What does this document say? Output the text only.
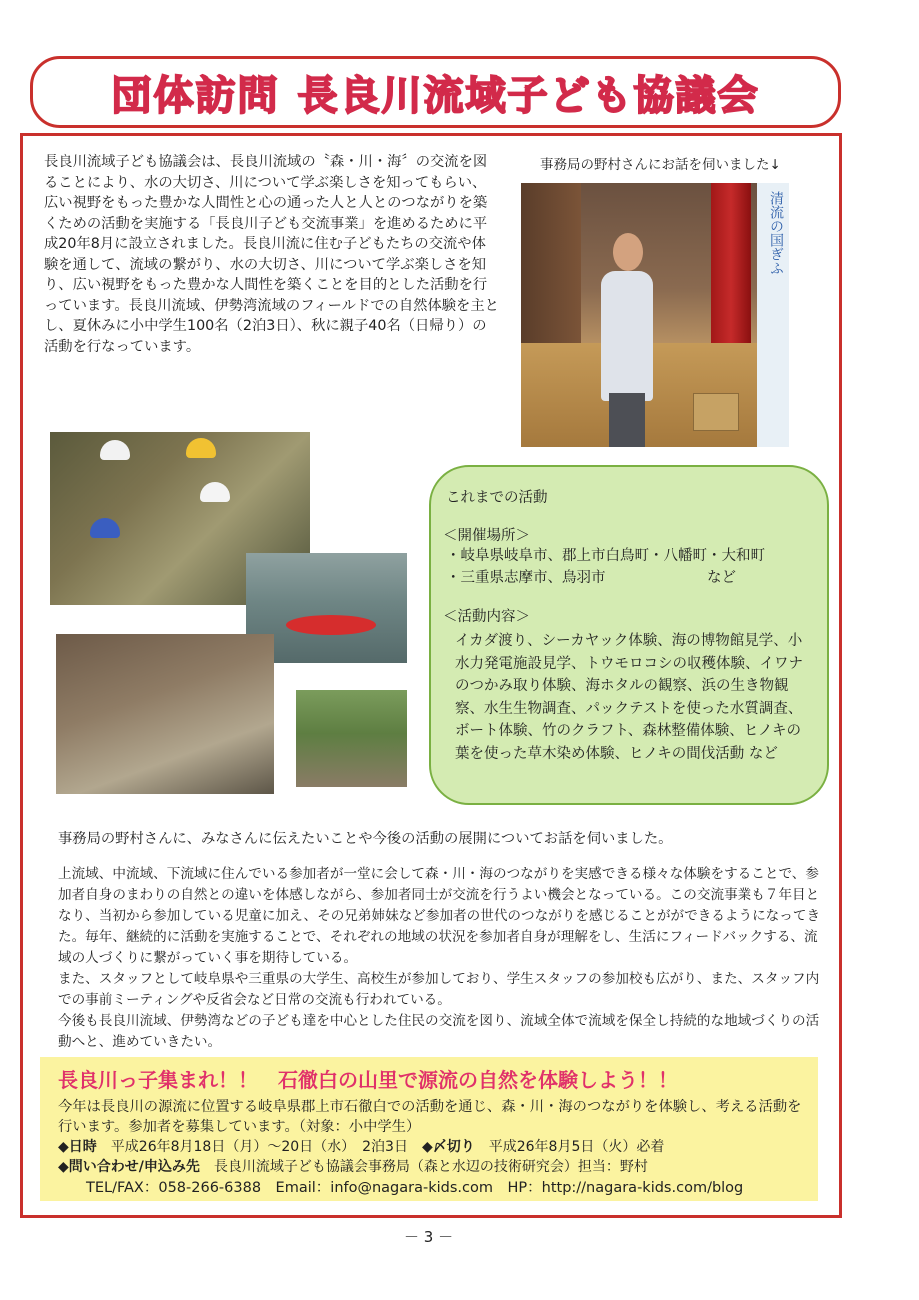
団体訪問 長良川流域子ども協議会

長良川流域子ども協議会は、長良川流域の〝森・川・海〞の交流を図ることにより、水の大切さ、川について学ぶ楽しさを知ってもらい、広い視野をもった豊かな人間性と心の通った人と人とのつながりを築くための活動を実施する「長良川子ども交流事業」を進めるために平成20年8月に設立されました。長良川流に住む子どもたちの交流や体験を通して、流域の繋がり、水の大切さ、川について学ぶ楽しさを知り、広い視野をもった豊かな人間性を築くことを目的とした活動を行っています。長良川流域、伊勢湾流域のフィールドでの自然体験を主とし、夏休みに小中学生100名（2泊3日）、秋に親子40名（日帰り）の活動を行なっています。

事務局の野村さんにお話を伺いました↓

清流の国ぎふ

これまでの活動

＜開催場所＞

・岐阜県岐阜市、郡上市白鳥町・八幡町・大和町
・三重県志摩市、鳥羽市　　　　　　　など

＜活動内容＞

イカダ渡り、シーカヤック体験、海の博物館見学、小水力発電施設見学、トウモロコシの収穫体験、イワナのつかみ取り体験、海ホタルの観察、浜の生き物観察、水生生物調査、パックテストを使った水質調査、ボート体験、竹のクラフト、森林整備体験、ヒノキの葉を使った草木染め体験、ヒノキの間伐活動 など

事務局の野村さんに、みなさんに伝えたいことや今後の活動の展開についてお話を伺いました。

上流域、中流域、下流域に住んでいる参加者が一堂に会して森・川・海のつながりを実感できる様々な体験をすることで、参加者自身のまわりの自然との違いを体感しながら、参加者同士が交流を行うよい機会となっている。この交流事業も７年目となり、当初から参加している児童に加え、その兄弟姉妹など参加者の世代のつながりを感じることがができるようになってきた。毎年、継続的に活動を実施することで、それぞれの地域の状況を参加者自身が理解をし、生活にフィードバックする、流域の人づくりに繋がっていく事を期待している。

また、スタッフとして岐阜県や三重県の大学生、高校生が参加しており、学生スタッフの参加校も広がり、また、スタッフ内での事前ミーティングや反省会など日常の交流も行われている。

今後も長良川流域、伊勢湾などの子ども達を中心とした住民の交流を図り、流域全体で流域を保全し持続的な地域づくりの活動へと、進めていきたい。

長良川っ子集まれ！！　石徹白の山里で源流の自然を体験しよう！！

今年は長良川の源流に位置する岐阜県郡上市石徹白での活動を通じ、森・川・海のつながりを体験し、考える活動を行います。参加者を募集しています。（対象：小中学生）

◆日時 平成26年8月18日（月）～20日（水）　2泊3日 ◆〆切り 平成26年8月5日（火）必着

◆問い合わせ/申込み先 長良川流域子ども協議会事務局（森と水辺の技術研究会）担当：野村

TEL/FAX：058-266-6388　Email：info@nagara-kids.com　HP：http://nagara-kids.com/blog

－ 3 －
